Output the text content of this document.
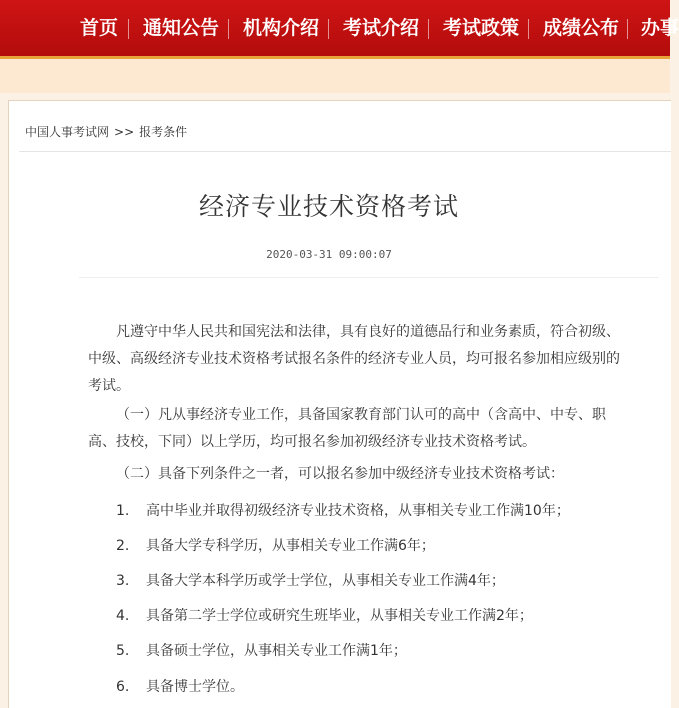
首页 通知公告 机构介绍 考试介绍 考试政策 成绩公布 办事
中国人事考试网 >> 报考条件
经济专业技术资格考试
2020-03-31 09:00:07

凡遵守中华人民共和国宪法和法律，具有良好的道德品行和业务素质，符合初级、中级、高级经济专业技术资格考试报名条件的经济专业人员，均可报名参加相应级别的考试。

（一）凡从事经济专业工作，具备国家教育部门认可的高中（含高中、中专、职高、技校，下同）以上学历，均可报名参加初级经济专业技术资格考试。

（二）具备下列条件之一者，可以报名参加中级经济专业技术资格考试：

1. 高中毕业并取得初级经济专业技术资格，从事相关专业工作满10年；
2. 具备大学专科学历，从事相关专业工作满6年；
3. 具备大学本科学历或学士学位，从事相关专业工作满4年；
4. 具备第二学士学位或研究生班毕业，从事相关专业工作满2年；
5. 具备硕士学位，从事相关专业工作满1年；
6. 具备博士学位。
